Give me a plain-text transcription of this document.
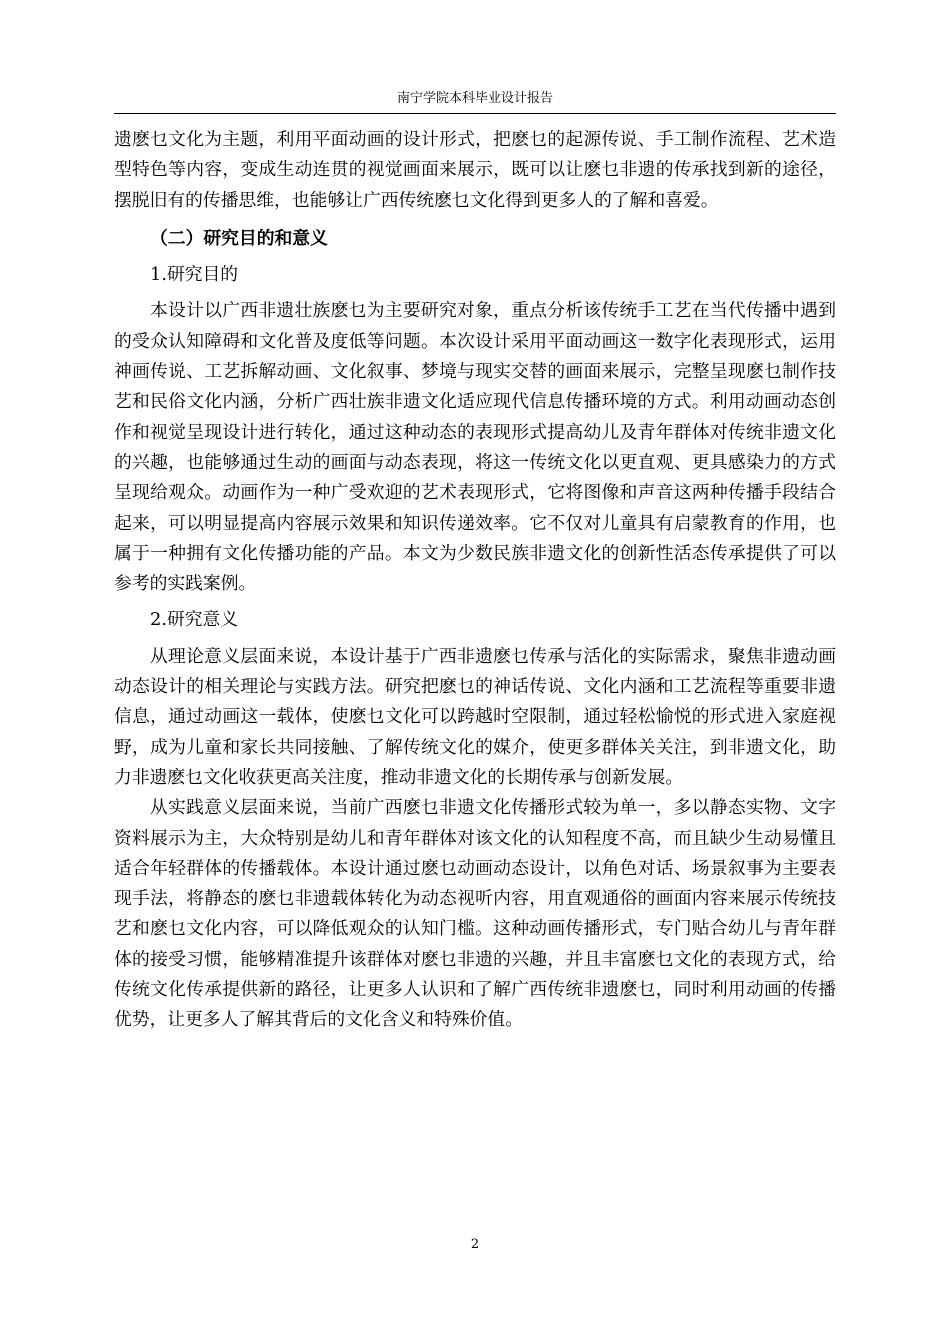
南宁学院本科毕业设计报告

遗麽乜文化为主题，利用平面动画的设计形式，把麽乜的起源传说、手工制作流程、艺术造型特色等内容，变成生动连贯的视觉画面来展示，既可以让麽乜非遗的传承找到新的途径，摆脱旧有的传播思维，也能够让广西传统麽乜文化得到更多人的了解和喜爱。

（二）研究目的和意义

1.研究目的

本设计以广西非遗壮族麽乜为主要研究对象，重点分析该传统手工艺在当代传播中遇到的受众认知障碍和文化普及度低等问题。本次设计采用平面动画这一数字化表现形式，运用神画传说、工艺拆解动画、文化叙事、梦境与现实交替的画面来展示，完整呈现麽乜制作技艺和民俗文化内涵，分析广西壮族非遗文化适应现代信息传播环境的方式。利用动画动态创作和视觉呈现设计进行转化，通过这种动态的表现形式提高幼儿及青年群体对传统非遗文化的兴趣，也能够通过生动的画面与动态表现，将这一传统文化以更直观、更具感染力的方式呈现给观众。动画作为一种广受欢迎的艺术表现形式，它将图像和声音这两种传播手段结合起来，可以明显提高内容展示效果和知识传递效率。它不仅对儿童具有启蒙教育的作用，也属于一种拥有文化传播功能的产品。本文为少数民族非遗文化的创新性活态传承提供了可以参考的实践案例。

2.研究意义

从理论意义层面来说，本设计基于广西非遗麽乜传承与活化的实际需求，聚焦非遗动画动态设计的相关理论与实践方法。研究把麽乜的神话传说、文化内涵和工艺流程等重要非遗信息，通过动画这一载体，使麽乜文化可以跨越时空限制，通过轻松愉悦的形式进入家庭视野，成为儿童和家长共同接触、了解传统文化的媒介，使更多群体关关注，到非遗文化，助力非遗麽乜文化收获更高关注度，推动非遗文化的长期传承与创新发展。

从实践意义层面来说，当前广西麽乜非遗文化传播形式较为单一，多以静态实物、文字资料展示为主，大众特别是幼儿和青年群体对该文化的认知程度不高，而且缺少生动易懂且适合年轻群体的传播载体。本设计通过麽乜动画动态设计，以角色对话、场景叙事为主要表现手法，将静态的麽乜非遗载体转化为动态视听内容，用直观通俗的画面内容来展示传统技艺和麽乜文化内容，可以降低观众的认知门槛。这种动画传播形式，专门贴合幼儿与青年群体的接受习惯，能够精准提升该群体对麽乜非遗的兴趣，并且丰富麽乜文化的表现方式，给传统文化传承提供新的路径，让更多人认识和了解广西传统非遗麽乜，同时利用动画的传播优势，让更多人了解其背后的文化含义和特殊价值。

2
